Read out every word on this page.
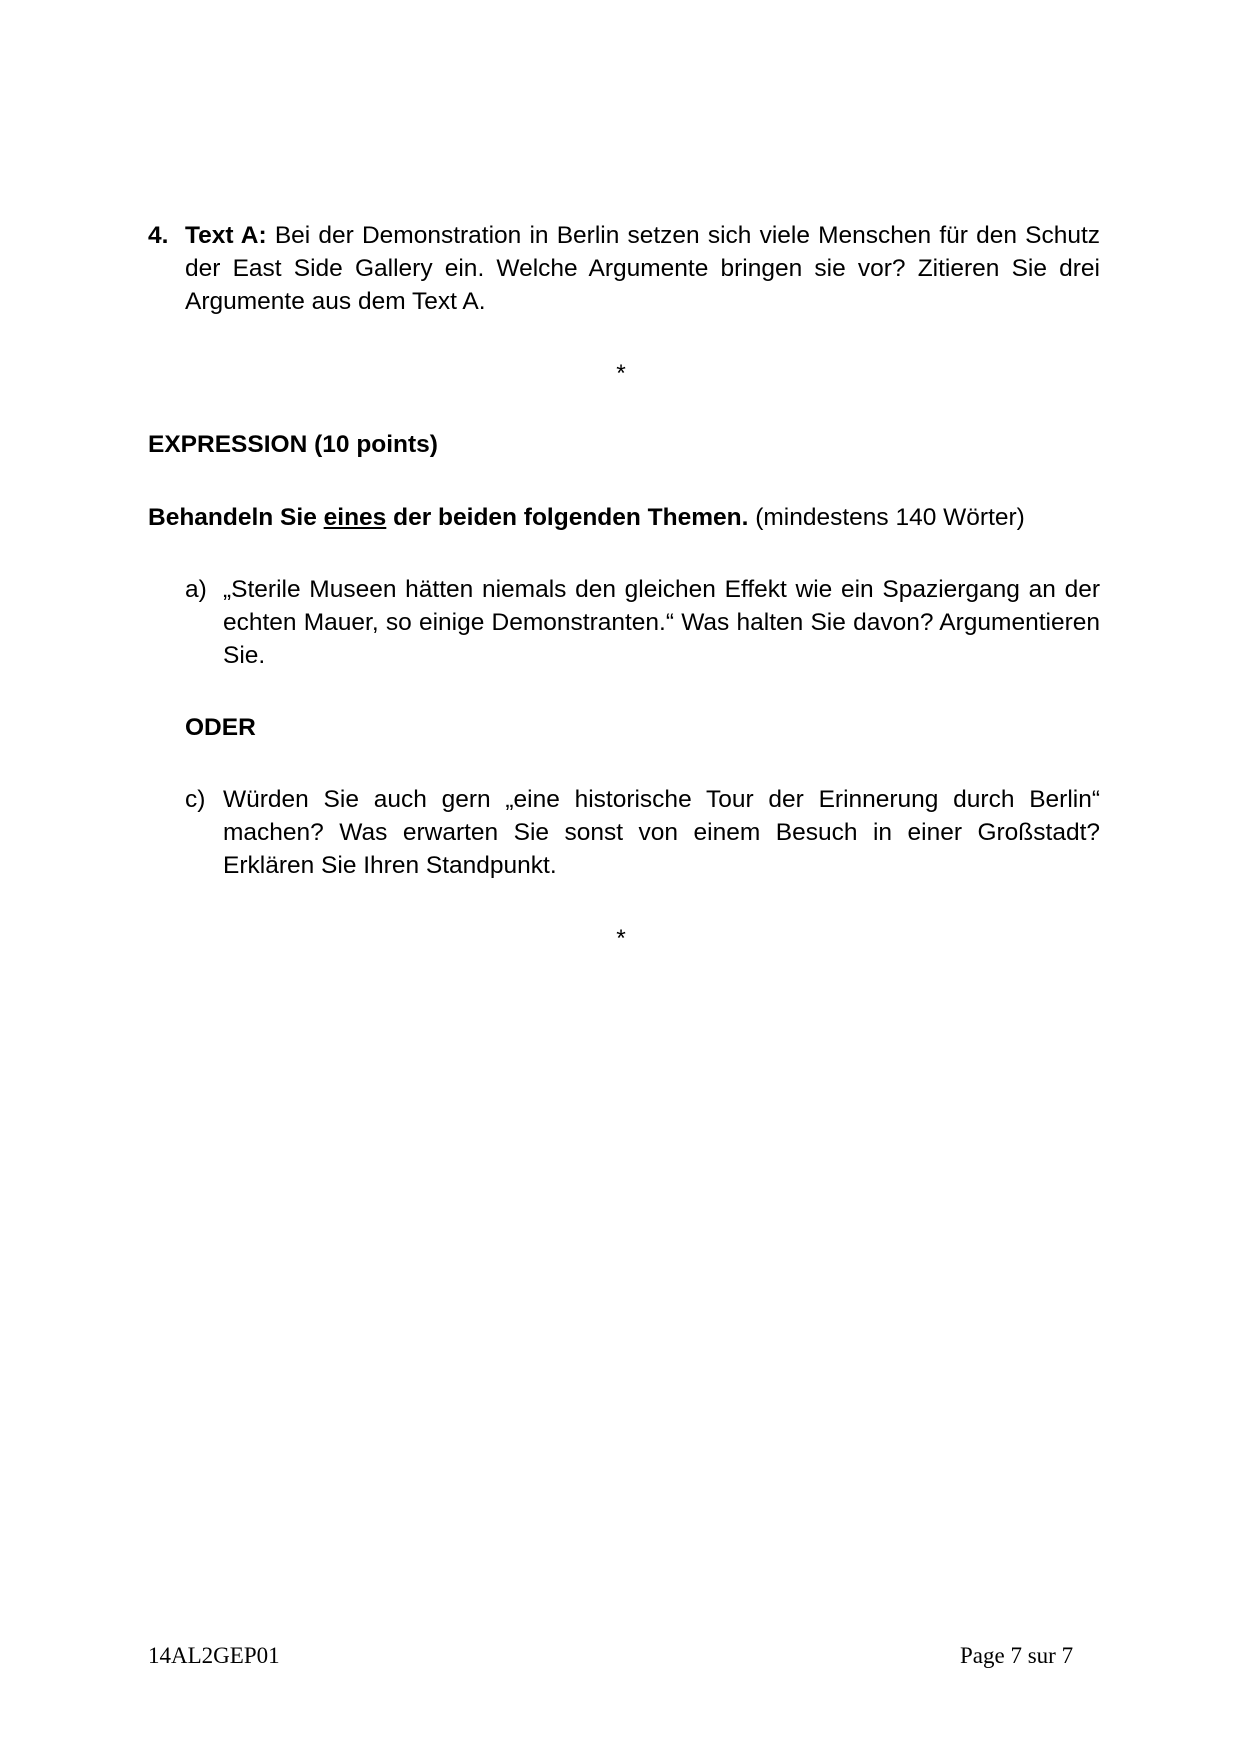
4. Text A: Bei der Demonstration in Berlin setzen sich viele Menschen für den Schutz der East Side Gallery ein. Welche Argumente bringen sie vor? Zitieren Sie drei Argumente aus dem Text A.
*
EXPRESSION (10 points)
Behandeln Sie eines der beiden folgenden Themen. (mindestens 140 Wörter)
a) „Sterile Museen hätten niemals den gleichen Effekt wie ein Spaziergang an der echten Mauer, so einige Demonstranten.“ Was halten Sie davon? Argumentieren Sie.
ODER
c) Würden Sie auch gern „eine historische Tour der Erinnerung durch Berlin“ machen? Was erwarten Sie sonst von einem Besuch in einer Großstadt? Erklären Sie Ihren Standpunkt.
*
14AL2GEP01	Page 7 sur 7
